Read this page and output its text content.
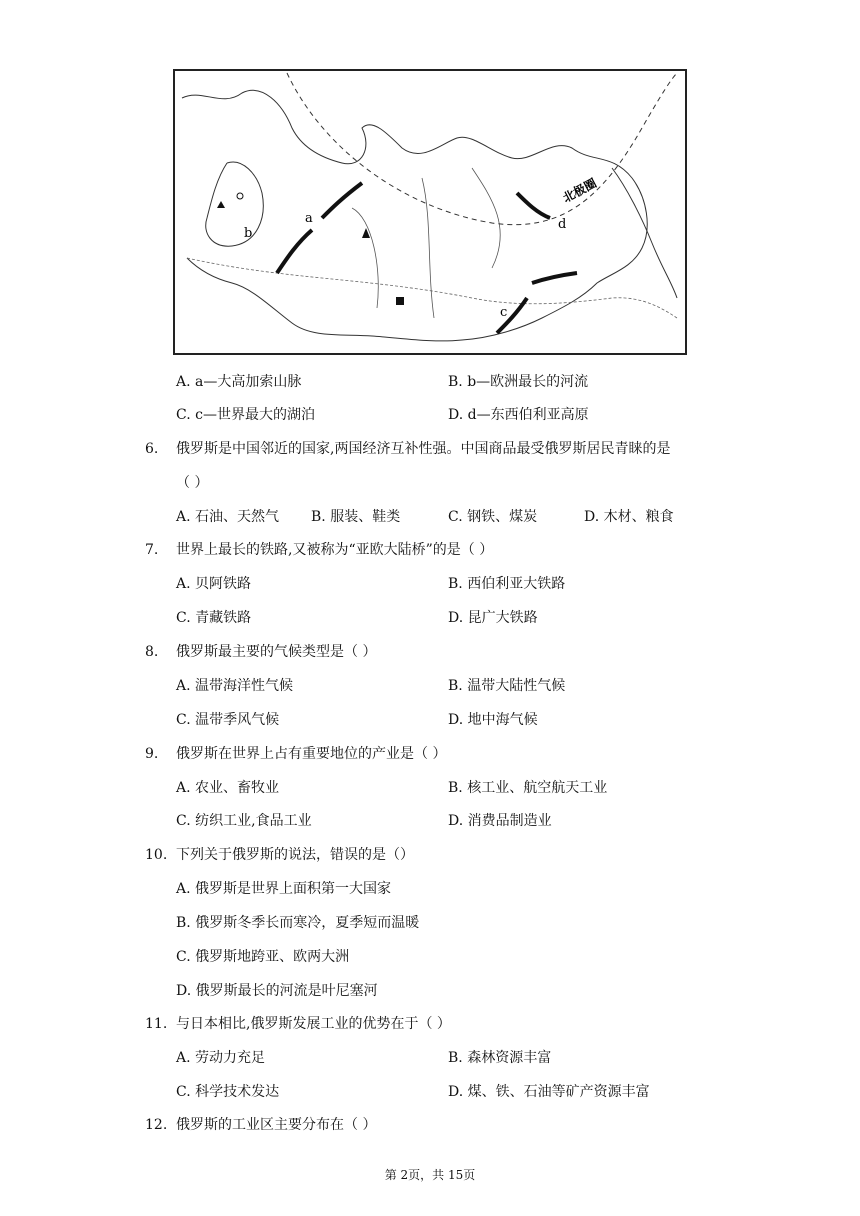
a
b
c
d
北极圈
A. a—大高加索山脉	B. b—欧洲最长的河流
C. c—世界最大的湖泊	D. d—东西伯利亚高原
6. 俄罗斯是中国邻近的国家,两国经济互补性强。中国商品最受俄罗斯居民青睐的是
（ ）
A. 石油、天然气 B. 服装、鞋类	C. 钢铁、煤炭	D. 木材、粮食
7. 世界上最长的铁路,又被称为“亚欧大陆桥”的是（ ）
A. 贝阿铁路	B. 西伯利亚大铁路
C. 青藏铁路	D. 昆广大铁路
8. 俄罗斯最主要的气候类型是（ ）
A. 温带海洋性气候	B. 温带大陆性气候
C. 温带季风气候	D. 地中海气候
9. 俄罗斯在世界上占有重要地位的产业是（ ）
A. 农业、畜牧业	B. 核工业、航空航天工业
C. 纺织工业,食品工业	D. 消费品制造业
10. 下列关于俄罗斯的说法，错误的是（）
A. 俄罗斯是世界上面积第一大国家
B. 俄罗斯冬季长而寒冷，夏季短而温暖
C. 俄罗斯地跨亚、欧两大洲
D. 俄罗斯最长的河流是叶尼塞河
11. 与日本相比,俄罗斯发展工业的优势在于（ ）
A. 劳动力充足	B. 森林资源丰富
C. 科学技术发达	D. 煤、铁、石油等矿产资源丰富
12. 俄罗斯的工业区主要分布在（ ）
第 2页，共 15页
